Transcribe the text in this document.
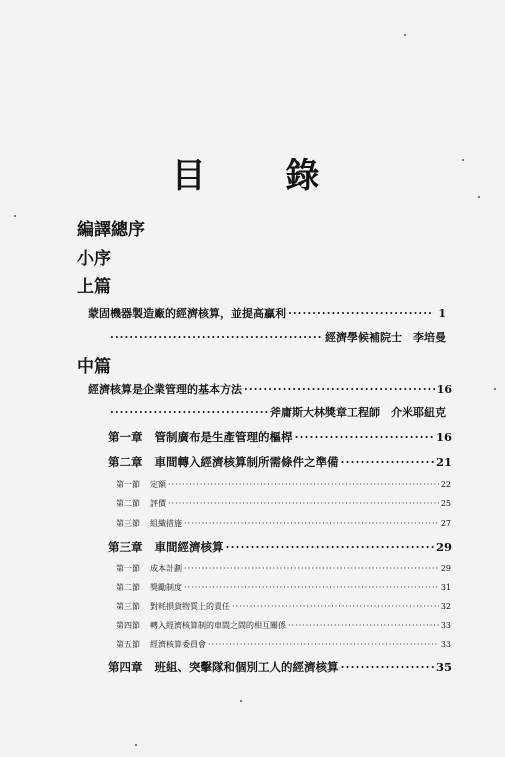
目 錄
編譯總序
小序
上篇
蒙固機器製造廠的經濟核算，並提高贏利 ·····	1
·····
經濟學候補院士　李培曼
中篇
經濟核算是企業管理的基本方法 ·····	16
·····
斧庸斯大林獎章工程師　介米耶紐克
第一章 管制廣布是生產管理的樞桿 ·····	16
第二章 車間轉入經濟核算制所需條件之準備 ·····	21
第一節 定額 ·····	22
第二節 評價 ·····	25
第三節 組織措施 ·····	27
第三章 車間經濟核算 ·····	29
第一節 成本計劃 ·····	29
第二節 獎勵制度 ·····	31
第三節 對耗損貨物質上的責任 ·····	32
第四節 轉入經濟核算制的車間之間的相互關係 ·····	33
第五節 經濟核算委員會 ·····	33
第四章 班組、突擊隊和個別工人的經濟核算 ·····	35
